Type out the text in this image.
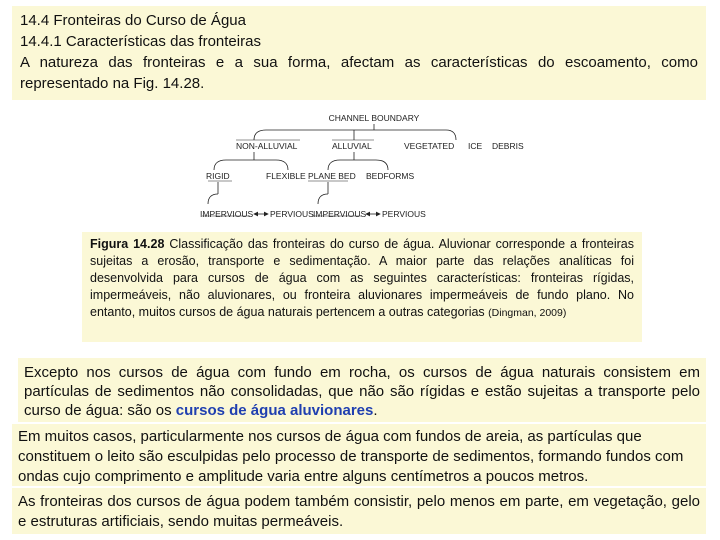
14.4 Fronteiras do Curso de Água
14.4.1 Características das fronteiras

A natureza das fronteiras e a sua forma, afectam as características do escoamento, como representado na Fig. 14.28.

CHANNEL BOUNDARY
NON-ALLUVIAL	ALLUVIAL	VEGETATED ICE DEBRIS
RIGID	FLEXIBLE PLANE BED BEDFORMS
IMPERVIOUS PERVIOUS IMPERVIOUS PERVIOUS
Figura 14.28 Classificação das fronteiras do curso de água. Aluvionar corresponde a fronteiras sujeitas a erosão, transporte e sedimentação. A maior parte das relações analíticas foi desenvolvida para cursos de água com as seguintes características: fronteiras rígidas, impermeáveis, não aluvionares, ou fronteira aluvionares impermeáveis de fundo plano. No entanto, muitos cursos de água naturais pertencem a outras categorias (Dingman, 2009)
Excepto nos cursos de água com fundo em rocha, os cursos de água naturais consistem em partículas de sedimentos não consolidadas, que não são rígidas e estão sujeitas a transporte pelo curso de água: são os cursos de água aluvionares.
Em muitos casos, particularmente nos cursos de água com fundos de areia, as partículas que constituem o leito são esculpidas pelo processo de transporte de sedimentos, formando fundos com ondas cujo comprimento e amplitude varia entre alguns centímetros a poucos metros.
As fronteiras dos cursos de água podem também consistir, pelo menos em parte, em vegetação, gelo e estruturas artificiais, sendo muitas permeáveis.
